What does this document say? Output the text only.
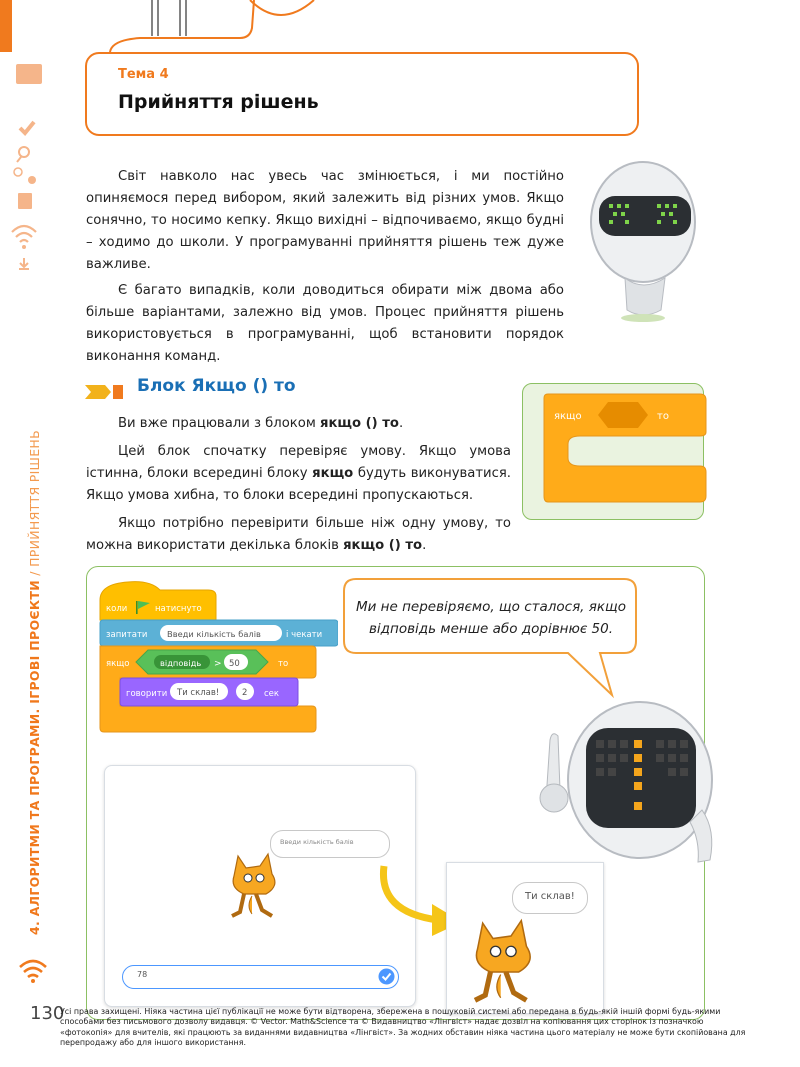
4. АЛГОРИТМИ ТА ПРОГРАМИ. ІГРОВІ ПРОЄКТИ / ПРИЙНЯТТЯ РІШЕНЬ
Тема 4
Прийняття рішень

Світ навколо нас увесь час змінюється, і ми постійно опиняємося перед вибором, який залежить від різних умов. Якщо сонячно, то носимо кепку. Якщо вихідні – відпочиваємо, якщо будні – ходимо до школи. У програмуванні прийняття рішень теж дуже важливе.

Є багато випадків, коли доводиться обирати між двома або більше варіантами, залежно від умов. Процес прийняття рішень використовується в програмуванні, щоб встановити порядок виконання команд.

Блок Якщо () то

Ви вже працювали з блоком якщо () то.

Цей блок спочатку перевіряє умову. Якщо умова істинна, блоки всередині блоку якщо будуть виконуватися. Якщо умова хибна, то блоки всередині пропускаються.

Якщо потрібно перевірити більше ніж одну умову, то можна використати декілька блоків якщо () то.

якщо	то
коли	натиснуто
запитати Введи кількість балів	і чекати
якщо	відповідь > 50	то
говорити Ти склав!	2 сек
Ми не перевіряємо, що сталося, якщо відповідь менше або дорівнює 50.
Введи кількість балів
78
Ти склав!
130
Усі права захищені. Ніяка частина цієї публікації не може бути відтворена, збережена в пошуковій системі або передана в будь-якій іншій формі будь-якими способами без письмового дозволу видавця. © Vector. Math&Science та © Видавництво «Лінгвіст» надає дозвіл на копіювання цих сторінок із позначкою «фотокопія» для вчителів, які працюють за виданнями видавництва «Лінгвіст». За жодних обставин ніяка частина цього матеріалу не може бути скопійована для перепродажу або для іншого використання.
